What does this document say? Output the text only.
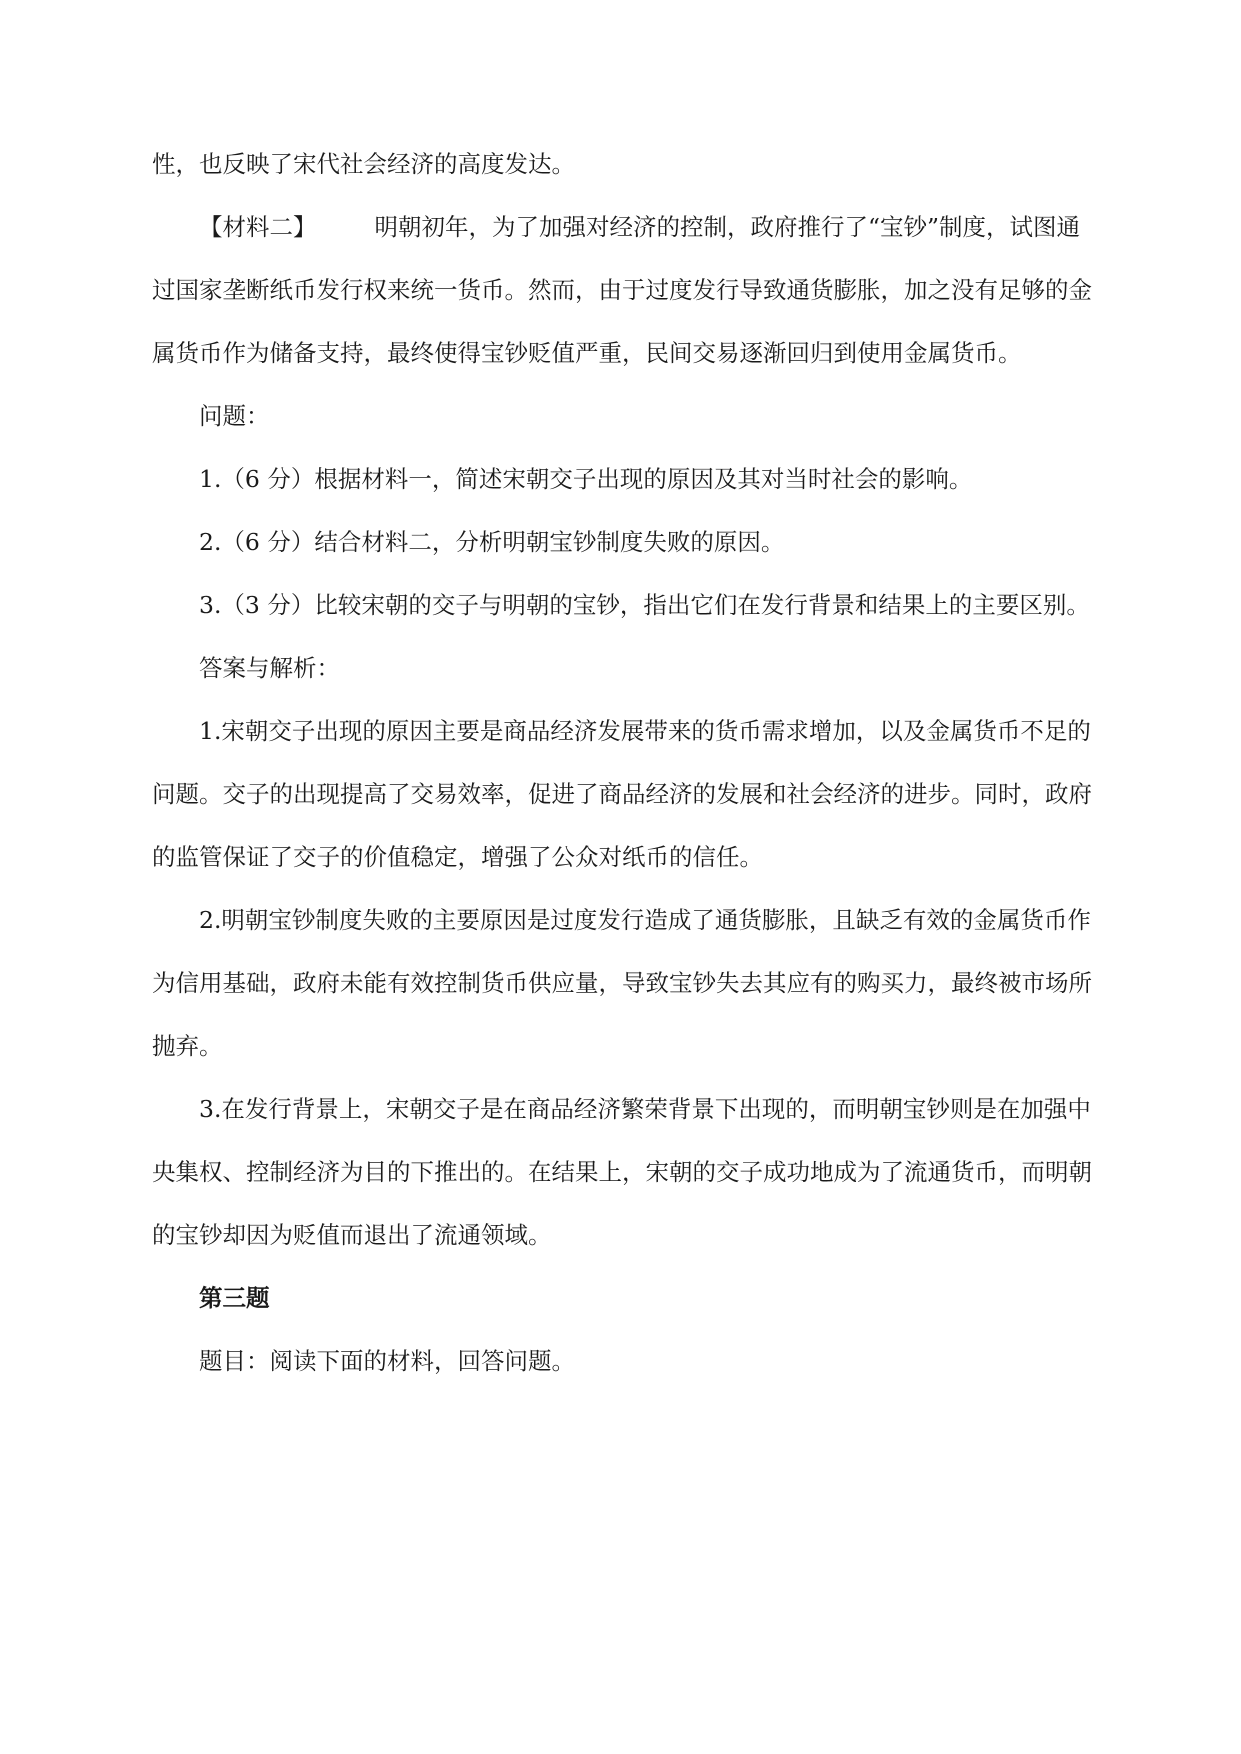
性，也反映了宋代社会经济的高度发达。

【材料二】 明朝初年，为了加强对经济的控制，政府推行了“宝钞”制度，试图通过国家垄断纸币发行权来统一货币。然而，由于过度发行导致通货膨胀，加之没有足够的金属货币作为储备支持，最终使得宝钞贬值严重，民间交易逐渐回归到使用金属货币。

问题：

1.（6 分）根据材料一，简述宋朝交子出现的原因及其对当时社会的影响。

2.（6 分）结合材料二，分析明朝宝钞制度失败的原因。

3.（3 分）比较宋朝的交子与明朝的宝钞，指出它们在发行背景和结果上的主要区别。

答案与解析：

1.宋朝交子出现的原因主要是商品经济发展带来的货币需求增加，以及金属货币不足的问题。交子的出现提高了交易效率，促进了商品经济的发展和社会经济的进步。同时，政府的监管保证了交子的价值稳定，增强了公众对纸币的信任。

2.明朝宝钞制度失败的主要原因是过度发行造成了通货膨胀，且缺乏有效的金属货币作为信用基础，政府未能有效控制货币供应量，导致宝钞失去其应有的购买力，最终被市场所抛弃。

3.在发行背景上，宋朝交子是在商品经济繁荣背景下出现的，而明朝宝钞则是在加强中央集权、控制经济为目的下推出的。在结果上，宋朝的交子成功地成为了流通货币，而明朝的宝钞却因为贬值而退出了流通领域。

第三题

题目：阅读下面的材料，回答问题。
